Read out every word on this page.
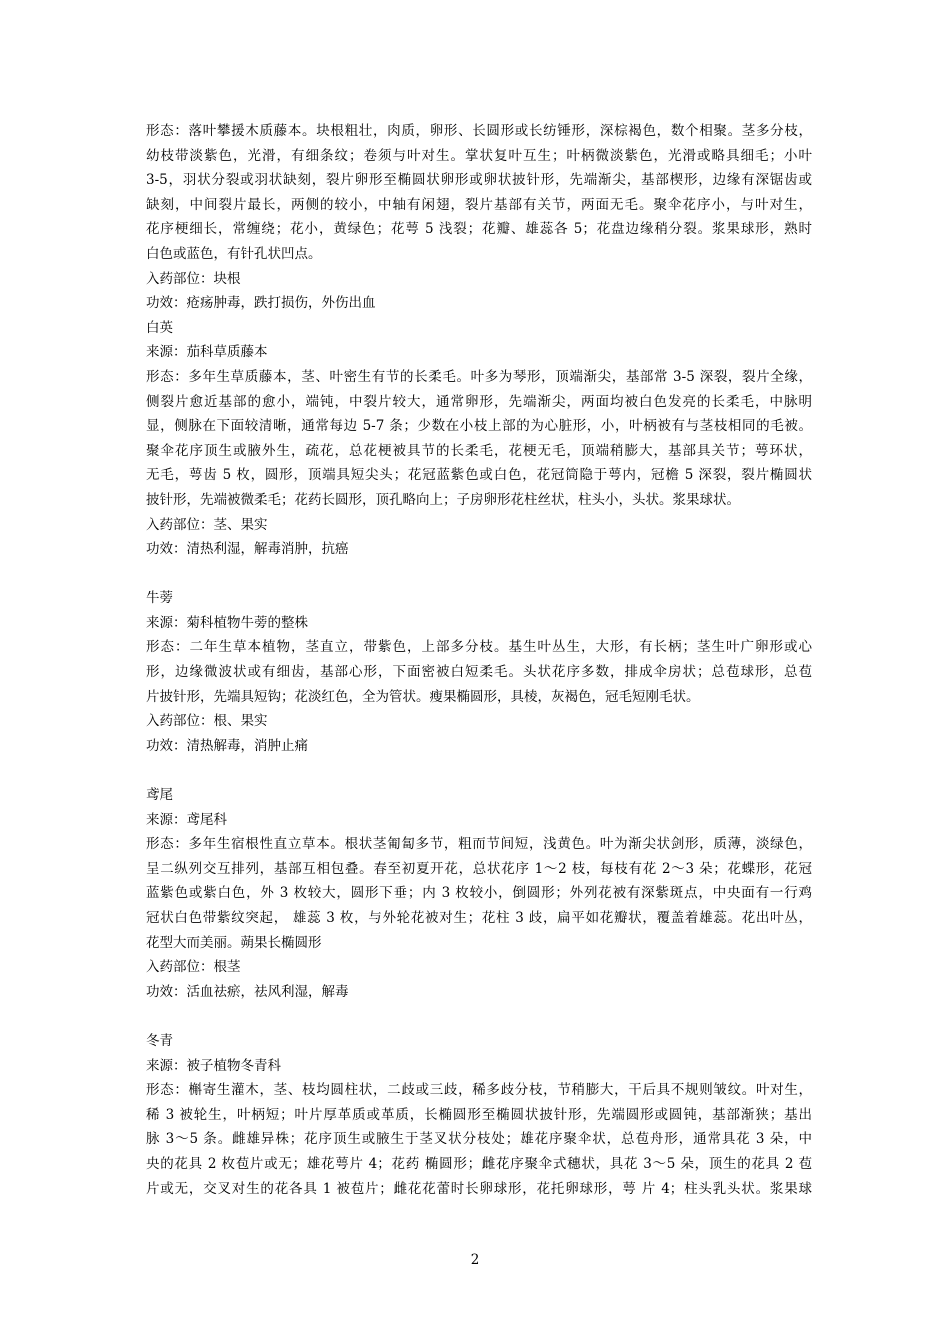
形态：落叶攀援木质藤本。块根粗壮，肉质，卵形、长圆形或长纺锤形，深棕褐色，数个相聚。茎多分枝，
幼枝带淡紫色，光滑，有细条纹；卷须与叶对生。掌状复叶互生；叶柄微淡紫色，光滑或略具细毛；小叶
3-5，羽状分裂或羽状缺刻，裂片卵形至椭圆状卵形或卵状披针形，先端渐尖，基部楔形，边缘有深锯齿或
缺刻，中间裂片最长，两侧的较小，中轴有闲翅，裂片基部有关节，两面无毛。聚伞花序小，与叶对生，
花序梗细长，常缠绕；花小，黄绿色；花萼 5 浅裂；花瓣、雄蕊各 5；花盘边缘稍分裂。浆果球形，熟时
白色或蓝色，有针孔状凹点。
入药部位：块根
功效：疮疡肿毒，跌打损伤，外伤出血
白英
来源：茄科草质藤本
形态：多年生草质藤本，茎、叶密生有节的长柔毛。叶多为琴形，顶端渐尖，基部常 3-5 深裂，裂片全缘，
侧裂片愈近基部的愈小，端钝，中裂片较大，通常卵形，先端渐尖，两面均被白色发亮的长柔毛，中脉明
显，侧脉在下面较清晰，通常每边 5-7 条；少数在小枝上部的为心脏形，小，叶柄被有与茎枝相同的毛被。
聚伞花序顶生或腋外生，疏花，总花梗被具节的长柔毛，花梗无毛，顶端稍膨大，基部具关节；萼环状，
无毛，萼齿 5 枚，圆形，顶端具短尖头；花冠蓝紫色或白色，花冠筒隐于萼内，冠檐 5 深裂，裂片椭圆状
披针形，先端被微柔毛；花药长圆形，顶孔略向上；子房卵形花柱丝状，柱头小，头状。浆果球状。
入药部位：茎、果实
功效：清热利湿，解毒消肿，抗癌
牛蒡
来源：菊科植物牛蒡的整株
形态：二年生草本植物，茎直立，带紫色，上部多分枝。基生叶丛生，大形，有长柄；茎生叶广卵形或心
形，边缘微波状或有细齿，基部心形，下面密被白短柔毛。头状花序多数，排成伞房状；总苞球形，总苞
片披针形，先端具短钩；花淡红色，全为管状。瘦果椭圆形，具棱，灰褐色，冠毛短刚毛状。
入药部位：根、果实
功效：清热解毒，消肿止痛
鸢尾
来源：鸢尾科
形态：多年生宿根性直立草本。根状茎匍匐多节，粗而节间短，浅黄色。叶为渐尖状剑形，质薄，淡绿色，
呈二纵列交互排列，基部互相包叠。春至初夏开花，总状花序 1～2 枝，每枝有花 2～3 朵；花蝶形，花冠
蓝紫色或紫白色，外 3 枚较大，圆形下垂；内 3 枚较小，倒圆形；外列花被有深紫斑点，中央面有一行鸡
冠状白色带紫纹突起， 雄蕊 3 枚，与外轮花被对生；花柱 3 歧，扁平如花瓣状，覆盖着雄蕊。花出叶丛，
花型大而美丽。蒴果长椭圆形
入药部位：根茎
功效：活血祛瘀，祛风利湿，解毒
冬青
来源：被子植物冬青科
形态：槲寄生灌木，茎、枝均圆柱状，二歧或三歧，稀多歧分枝，节稍膨大，干后具不规则皱纹。叶对生，
稀 3 被轮生，叶柄短；叶片厚革质或革质，长椭圆形至椭圆状披针形，先端圆形或圆钝，基部渐狭；基出
脉 3～5 条。雌雄异株；花序顶生或腋生于茎叉状分枝处；雄花序聚伞状，总苞舟形，通常具花 3 朵，中
央的花具 2 枚苞片或无；雄花萼片 4；花药 椭圆形；雌花序聚伞式穗状，具花 3～5 朵，顶生的花具 2 苞
片或无，交叉对生的花各具 1 被苞片；雌花花蕾时长卵球形，花托卵球形，萼 片 4；柱头乳头状。浆果球
2
